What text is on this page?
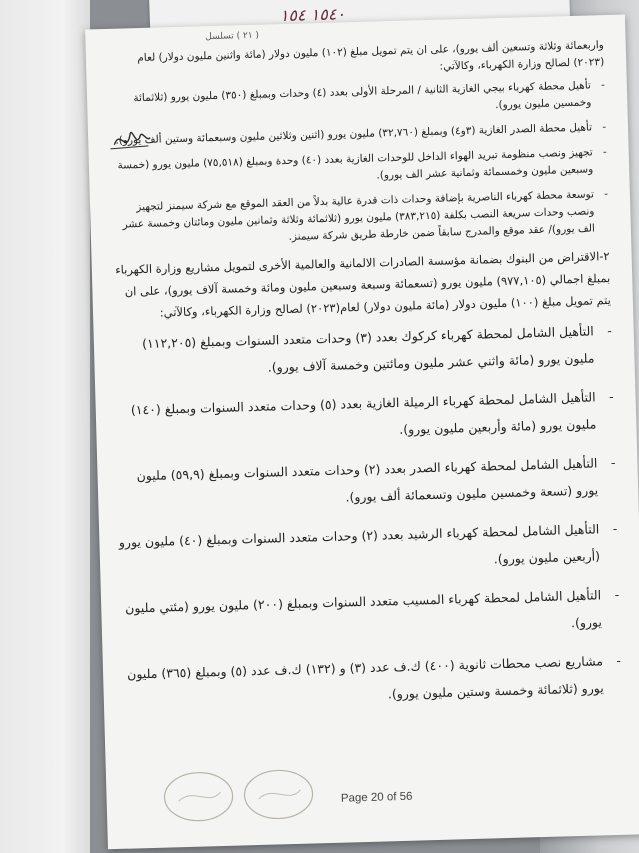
( ٢١ ) تسلسل
١٥٤٠ ١٥٤

واربعمائة وثلاثة وتسعين ألف يورو)، على ان يتم تمويل مبلغ (١٠٢) مليون دولار (مائة واثنين مليون دولار) لعام (٢٠٢٣) لصالح وزارة الكهرباء، وكالآتي:

- تأهيل محطة كهرباء بيجي الغازية الثانية / المرحلة الأولى بعدد (٤) وحدات وبمبلغ (٣٥٠) مليون يورو (ثلاثمائة وخمسين مليون يورو).

- تأهيل محطة الصدر الغازية (٣و٤) وبمبلغ (٣٢,٧٦٠) مليون يورو (اثنين وثلاثين مليون وسبعمائة وستين ألف يورو).

- تجهيز ونصب منظومة تبريد الهواء الداخل للوحدات الغازية بعدد (٤٠) وحدة وبمبلغ (٧٥,٥١٨) مليون يورو (خمسة وسبعين مليون وخمسمائة وثمانية عشر الف يورو).

- توسعة محطة كهرباء الناصرية بإضافة وحدات ذات قدرة عالية بدلاً من العقد الموقع مع شركة سيمنز لتجهيز ونصب وحدات سريعة النصب بكلفة (٣٨٣,٢١٥) مليون يورو (ثلاثمائة وثلاثة وثمانين مليون ومائتان وخمسة عشر الف يورو)/ عقد موقع والمدرج سابقاً ضمن خارطة طريق شركة سيمنز.

٢-الاقتراض من البنوك بضمانة مؤسسة الصادرات الالمانية والعالمية الأخرى لتمويل مشاريع وزارة الكهرباء بمبلغ اجمالي (٩٧٧,١٠٥) مليون يورو (تسعمائة وسبعة وسبعين مليون ومائة وخمسة آلاف يورو)، على ان يتم تمويل مبلغ (١٠٠) مليون دولار (مائة مليون دولار) لعام(٢٠٢٣) لصالح وزارة الكهرباء، وكالآتي:

- التأهيل الشامل لمحطة كهرباء كركوك بعدد (٣) وحدات متعدد السنوات وبمبلغ (١١٢,٢٠٥) مليون يورو (مائة واثني عشر مليون ومائتين وخمسة آلاف يورو).

- التأهيل الشامل لمحطة كهرباء الرميلة الغازية بعدد (٥) وحدات متعدد السنوات وبمبلغ (١٤٠) مليون يورو (مائة وأربعين مليون يورو).

- التأهيل الشامل لمحطة كهرباء الصدر بعدد (٢) وحدات متعدد السنوات وبمبلغ (٥٩,٩) مليون يورو (تسعة وخمسين مليون وتسعمائة ألف يورو).

- التأهيل الشامل لمحطة كهرباء الرشيد بعدد (٢) وحدات متعدد السنوات وبمبلغ (٤٠) مليون يورو (أربعين مليون يورو).

- التأهيل الشامل لمحطة كهرباء المسيب متعدد السنوات وبمبلغ (٢٠٠) مليون يورو (مئتي مليون يورو).

- مشاريع نصب محطات ثانوية (٤٠٠) ك.ف عدد (٣) و (١٣٢) ك.ف عدد (٥) وبمبلغ (٣٦٥) مليون يورو (ثلاثمائة وخمسة وستين مليون يورو).

Page 20 of 56
